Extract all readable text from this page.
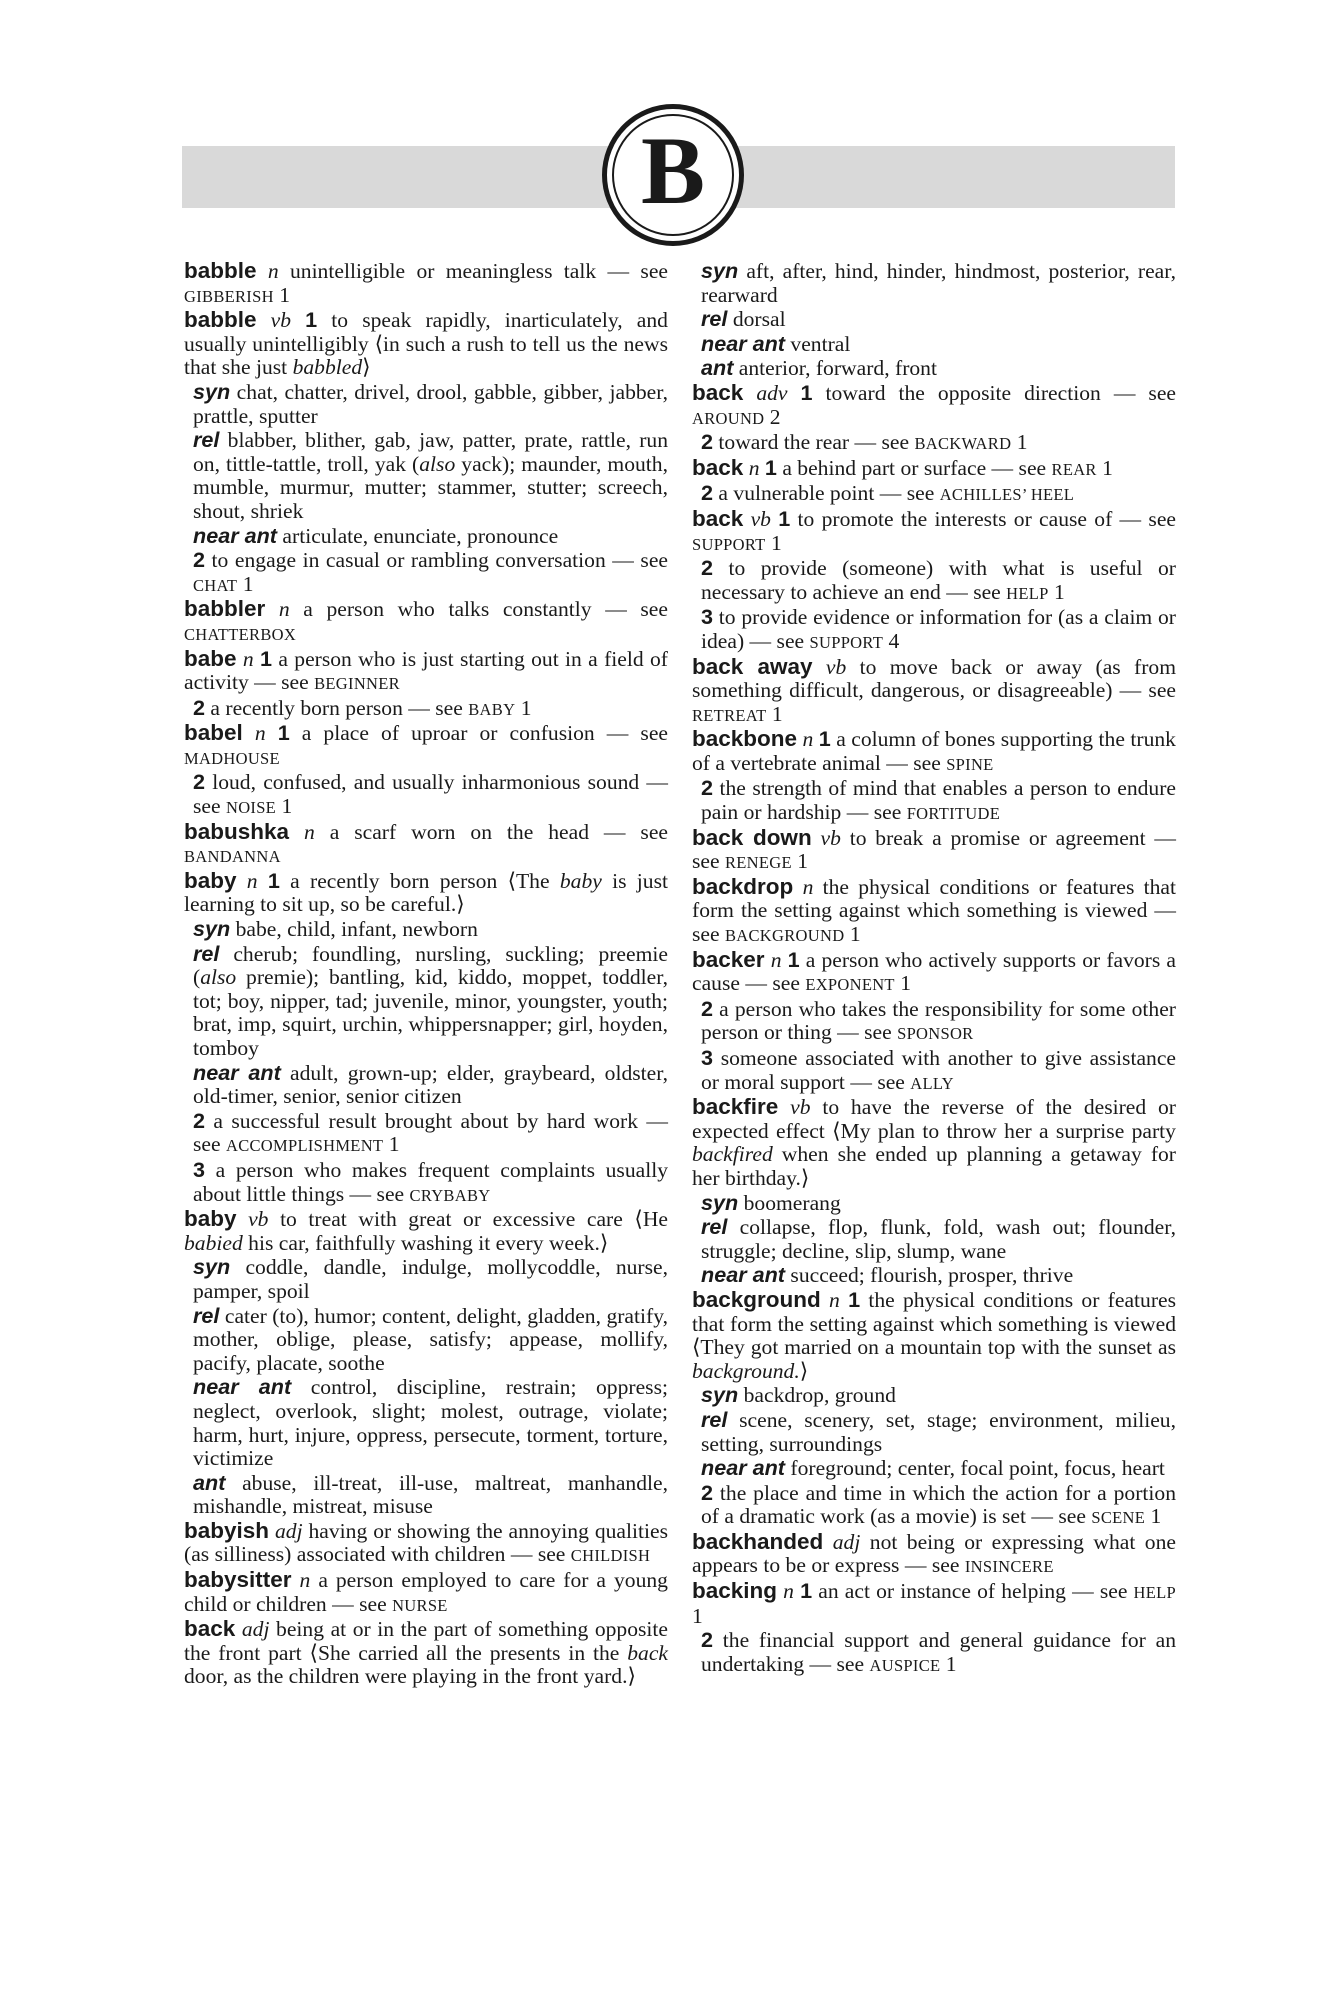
B

babble n unintelligible or meaningless talk — see GIBBERISH 1

babble vb 1 to speak rapidly, inarticulately, and usually unintelligibly ⟨in such a rush to tell us the news that she just babbled⟩

syn chat, chatter, drivel, drool, gabble, gibber, jabber, prattle, sputter

rel blabber, blither, gab, jaw, patter, prate, rattle, run on, tittle-tattle, troll, yak (also yack); maunder, mouth, mumble, murmur, mutter; stammer, stutter; screech, shout, shriek

near ant articulate, enunciate, pronounce

2 to engage in casual or rambling conversation — see CHAT 1

babbler n a person who talks constantly — see CHATTERBOX

babe n 1 a person who is just starting out in a field of activity — see BEGINNER

2 a recently born person — see BABY 1

babel n 1 a place of uproar or confusion — see MADHOUSE

2 loud, confused, and usually inharmonious sound — see NOISE 1

babushka n a scarf worn on the head — see BANDANNA

baby n 1 a recently born person ⟨The baby is just learning to sit up, so be careful.⟩

syn babe, child, infant, newborn

rel cherub; foundling, nursling, suckling; preemie (also premie); bantling, kid, kiddo, moppet, toddler, tot; boy, nipper, tad; juvenile, minor, youngster, youth; brat, imp, squirt, urchin, whippersnapper; girl, hoyden, tomboy

near ant adult, grown-up; elder, graybeard, oldster, old-timer, senior, senior citizen

2 a successful result brought about by hard work — see ACCOMPLISHMENT 1

3 a person who makes frequent complaints usually about little things — see CRYBABY

baby vb to treat with great or excessive care ⟨He babied his car, faithfully washing it every week.⟩

syn coddle, dandle, indulge, mollycoddle, nurse, pamper, spoil

rel cater (to), humor; content, delight, gladden, gratify, mother, oblige, please, satisfy; appease, mollify, pacify, placate, soothe

near ant control, discipline, restrain; oppress; neglect, overlook, slight; molest, outrage, violate; harm, hurt, injure, oppress, persecute, torment, torture, victimize

ant abuse, ill-treat, ill-use, maltreat, manhandle, mishandle, mistreat, misuse

babyish adj having or showing the annoying qualities (as silliness) associated with children — see CHILDISH

babysitter n a person employed to care for a young child or children — see NURSE

back adj being at or in the part of something opposite the front part ⟨She carried all the presents in the back door, as the children were playing in the front yard.⟩

syn aft, after, hind, hinder, hindmost, posterior, rear, rearward

rel dorsal

near ant ventral

ant anterior, forward, front

back adv 1 toward the opposite direction — see AROUND 2

2 toward the rear — see BACKWARD 1

back n 1 a behind part or surface — see REAR 1

2 a vulnerable point — see ACHILLES’ HEEL

back vb 1 to promote the interests or cause of — see SUPPORT 1

2 to provide (someone) with what is useful or necessary to achieve an end — see HELP 1

3 to provide evidence or information for (as a claim or idea) — see SUPPORT 4

back away vb to move back or away (as from something difficult, dangerous, or disagreeable) — see RETREAT 1

backbone n 1 a column of bones supporting the trunk of a vertebrate animal — see SPINE

2 the strength of mind that enables a person to endure pain or hardship — see FORTITUDE

back down vb to break a promise or agreement — see RENEGE 1

backdrop n the physical conditions or features that form the setting against which something is viewed — see BACKGROUND 1

backer n 1 a person who actively supports or favors a cause — see EXPONENT 1

2 a person who takes the responsibility for some other person or thing — see SPONSOR

3 someone associated with another to give assistance or moral support — see ALLY

backfire vb to have the reverse of the desired or expected effect ⟨My plan to throw her a surprise party backfired when she ended up planning a getaway for her birthday.⟩

syn boomerang

rel collapse, flop, flunk, fold, wash out; flounder, struggle; decline, slip, slump, wane

near ant succeed; flourish, prosper, thrive

background n 1 the physical conditions or features that form the setting against which something is viewed ⟨They got married on a mountain top with the sunset as background.⟩

syn backdrop, ground

rel scene, scenery, set, stage; environment, milieu, setting, surroundings

near ant foreground; center, focal point, focus, heart

2 the place and time in which the action for a portion of a dramatic work (as a movie) is set — see SCENE 1

backhanded adj not being or expressing what one appears to be or express — see INSINCERE

backing n 1 an act or instance of helping — see HELP 1

2 the financial support and general guidance for an undertaking — see AUSPICE 1
